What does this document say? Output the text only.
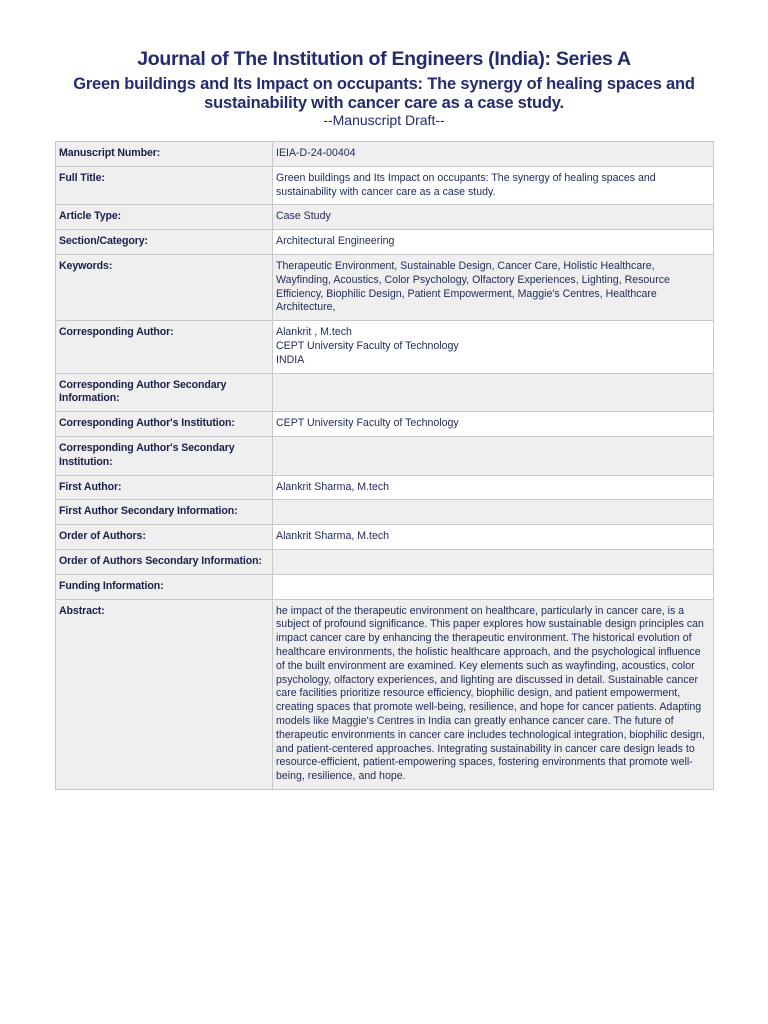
Journal of The Institution of Engineers (India): Series A

Green buildings and Its Impact on occupants: The synergy of healing spaces and sustainability with cancer care as a case study.

--Manuscript Draft--

Manuscript Number:	IEIA-D-24-00404
Full Title:	Green buildings and Its Impact on occupants: The synergy of healing spaces and sustainability with cancer care as a case study.
Article Type:	Case Study
Section/Category:	Architectural Engineering
Keywords:	Therapeutic Environment, Sustainable Design, Cancer Care, Holistic Healthcare, Wayfinding, Acoustics, Color Psychology, Olfactory Experiences, Lighting, Resource Efficiency, Biophilic Design, Patient Empowerment, Maggie's Centres, Healthcare Architecture,
Corresponding Author:	Alankrit , M.tech
CEPT University Faculty of Technology
INDIA

Corresponding Author Secondary Information:	
Corresponding Author's Institution:	CEPT University Faculty of Technology
Corresponding Author's Secondary Institution:	
First Author:	Alankrit Sharma, M.tech
First Author Secondary Information:	
Order of Authors:	Alankrit Sharma, M.tech
Order of Authors Secondary Information:	
Funding Information:	
Abstract:	he impact of the therapeutic environment on healthcare, particularly in cancer care, is a subject of profound significance. This paper explores how sustainable design principles can impact cancer care by enhancing the therapeutic environment. The historical evolution of healthcare environments, the holistic healthcare approach, and the psychological influence of the built environment are examined. Key elements such as wayfinding, acoustics, color psychology, olfactory experiences, and lighting are discussed in detail. Sustainable cancer care facilities prioritize resource efficiency, biophilic design, and patient empowerment, creating spaces that promote well-being, resilience, and hope for cancer patients. Adapting models like Maggie's Centres in India can greatly enhance cancer care. The future of therapeutic environments in cancer care includes technological integration, biophilic design, and patient-centered approaches. Integrating sustainability in cancer care design leads to resource-efficient, patient-empowering spaces, fostering environments that promote well-being, resilience, and hope.
